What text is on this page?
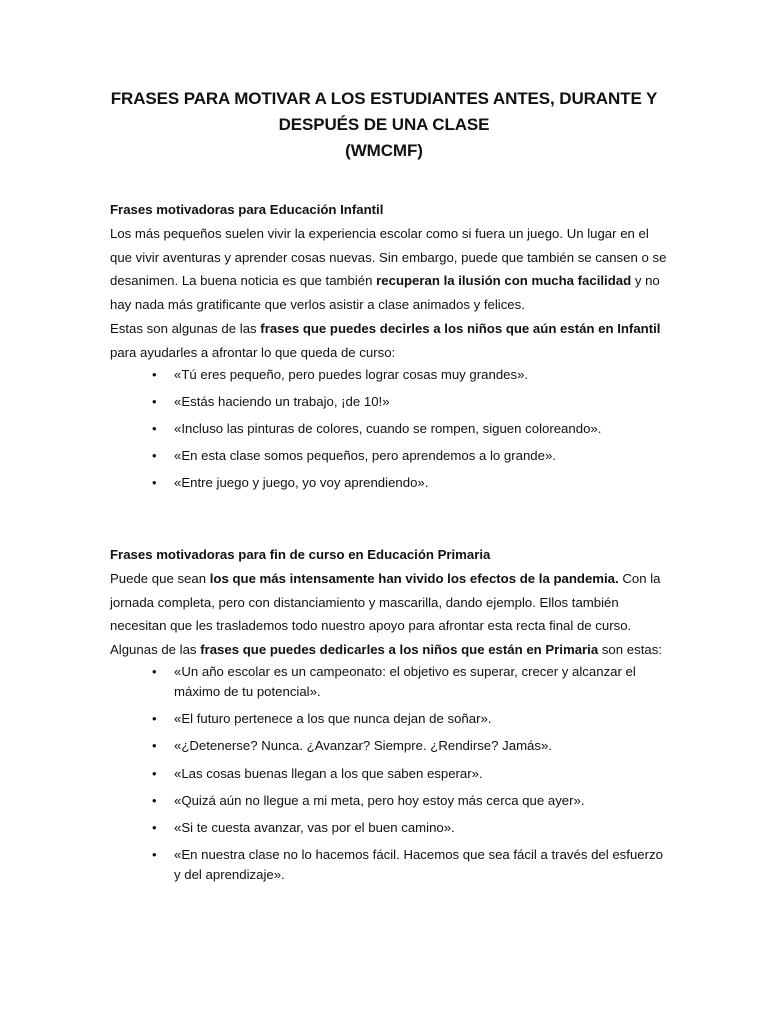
FRASES PARA MOTIVAR A LOS ESTUDIANTES ANTES, DURANTE Y
DESPUÉS DE UNA CLASE
(WMCMF)

Frases motivadoras para Educación Infantil

Los más pequeños suelen vivir la experiencia escolar como si fuera un juego. Un lugar en el que vivir aventuras y aprender cosas nuevas. Sin embargo, puede que también se cansen o se desanimen. La buena noticia es que también recuperan la ilusión con mucha facilidad y no hay nada más gratificante que verlos asistir a clase animados y felices.

Estas son algunas de las frases que puedes decirles a los niños que aún están en Infantil para ayudarles a afrontar lo que queda de curso:

• «Tú eres pequeño, pero puedes lograr cosas muy grandes».
• «Estás haciendo un trabajo, ¡de 10!»
• «Incluso las pinturas de colores, cuando se rompen, siguen coloreando».
• «En esta clase somos pequeños, pero aprendemos a lo grande».
• «Entre juego y juego, yo voy aprendiendo».

Frases motivadoras para fin de curso en Educación Primaria

Puede que sean los que más intensamente han vivido los efectos de la pandemia. Con la jornada completa, pero con distanciamiento y mascarilla, dando ejemplo. Ellos también necesitan que les traslademos todo nuestro apoyo para afrontar esta recta final de curso.

Algunas de las frases que puedes dedicarles a los niños que están en Primaria son estas:

• «Un año escolar es un campeonato: el objetivo es superar, crecer y alcanzar el máximo de tu potencial».
• «El futuro pertenece a los que nunca dejan de soñar».
• «¿Detenerse? Nunca. ¿Avanzar? Siempre. ¿Rendirse? Jamás».
• «Las cosas buenas llegan a los que saben esperar».
• «Quizá aún no llegue a mi meta, pero hoy estoy más cerca que ayer».
• «Si te cuesta avanzar, vas por el buen camino».
• «En nuestra clase no lo hacemos fácil. Hacemos que sea fácil a través del esfuerzo y del aprendizaje».
